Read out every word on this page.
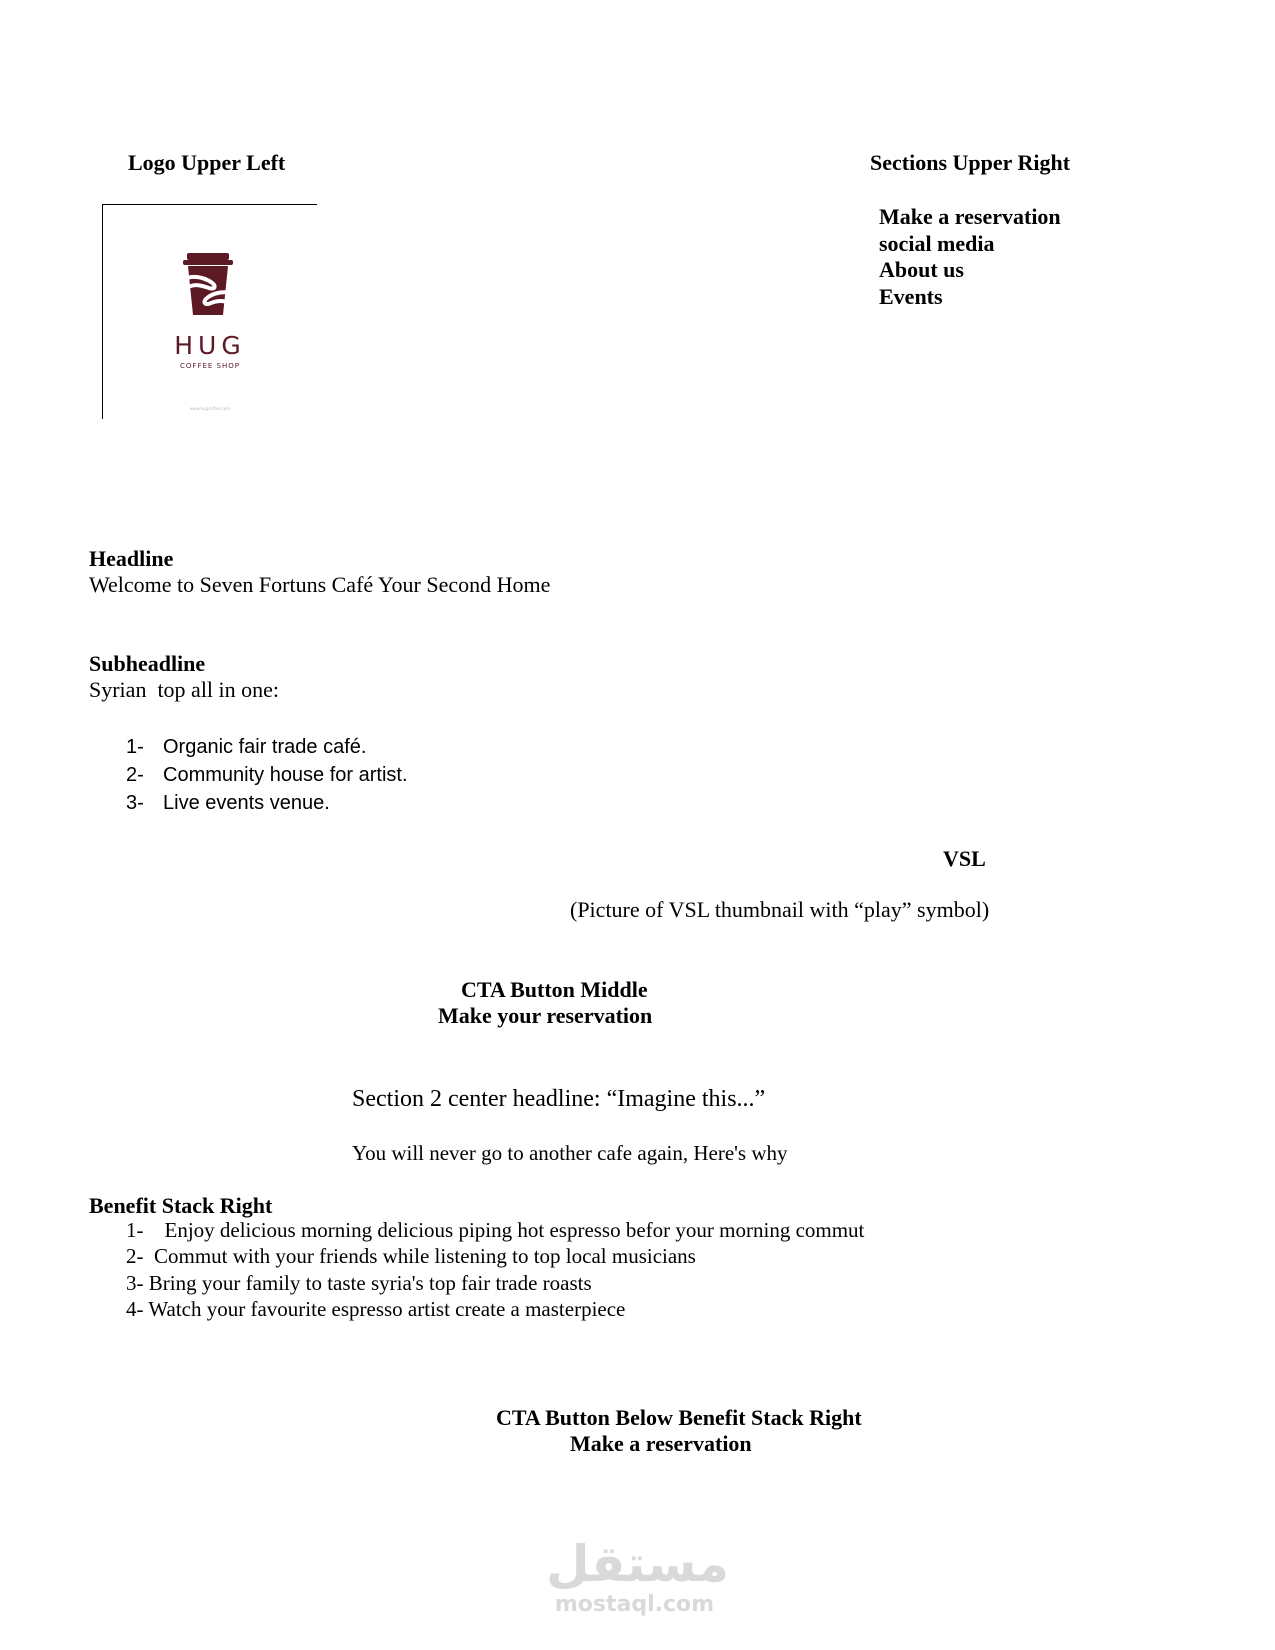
Logo Upper Left
HUG
COFFEE SHOP
www.hugcoffee.com
Sections Upper Right
Make a reservation
social media
About us
Events
Headline
Welcome to Seven Fortuns Café Your Second Home
Subheadline
Syrian  top all in one:
1- Organic fair trade café.
2- Community house for artist.
3- Live events venue.
VSL
(Picture of VSL thumbnail with “play” symbol)
CTA Button Middle
Make your reservation
Section 2 center headline: “Imagine this...”
You will never go to another cafe again, Here's why
Benefit Stack Right
1-    Enjoy delicious morning delicious piping hot espresso befor your morning commut
2-  Commut with your friends while listening to top local musicians
3- Bring your family to taste syria's top fair trade roasts
4- Watch your favourite espresso artist create a masterpiece
CTA Button Below Benefit Stack Right
Make a reservation
مستقل
mostaql.com
